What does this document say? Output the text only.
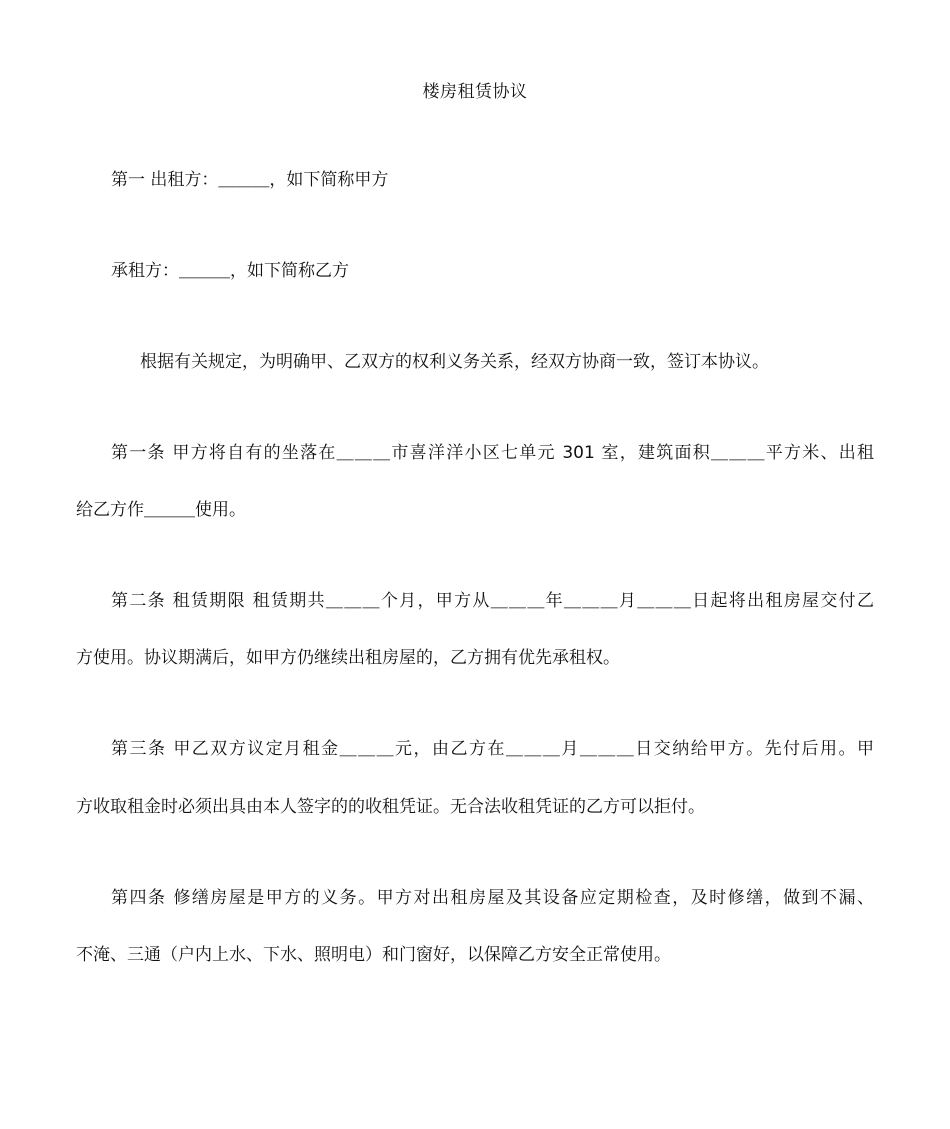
楼房租赁协议
第一 出租方：＿＿＿，如下简称甲方
承租方：＿＿＿，如下简称乙方
根据有关规定，为明确甲、乙双方的权利义务关系，经双方协商一致，签订本协议。
第一条 甲方将自有的坐落在＿＿＿市喜洋洋小区七单元 301 室，建筑面积＿＿＿平方米、出租
给乙方作＿＿＿使用。
第二条 租赁期限 租赁期共＿＿＿个月，甲方从＿＿＿年＿＿＿月＿＿＿日起将出租房屋交付乙
方使用。协议期满后，如甲方仍继续出租房屋的，乙方拥有优先承租权。
第三条 甲乙双方议定月租金＿＿＿元，由乙方在＿＿＿月＿＿＿日交纳给甲方。先付后用。甲
方收取租金时必须出具由本人签字的的收租凭证。无合法收租凭证的乙方可以拒付。
第四条 修缮房屋是甲方的义务。甲方对出租房屋及其设备应定期检查，及时修缮，做到不漏、
不淹、三通（户内上水、下水、照明电）和门窗好，以保障乙方安全正常使用。
